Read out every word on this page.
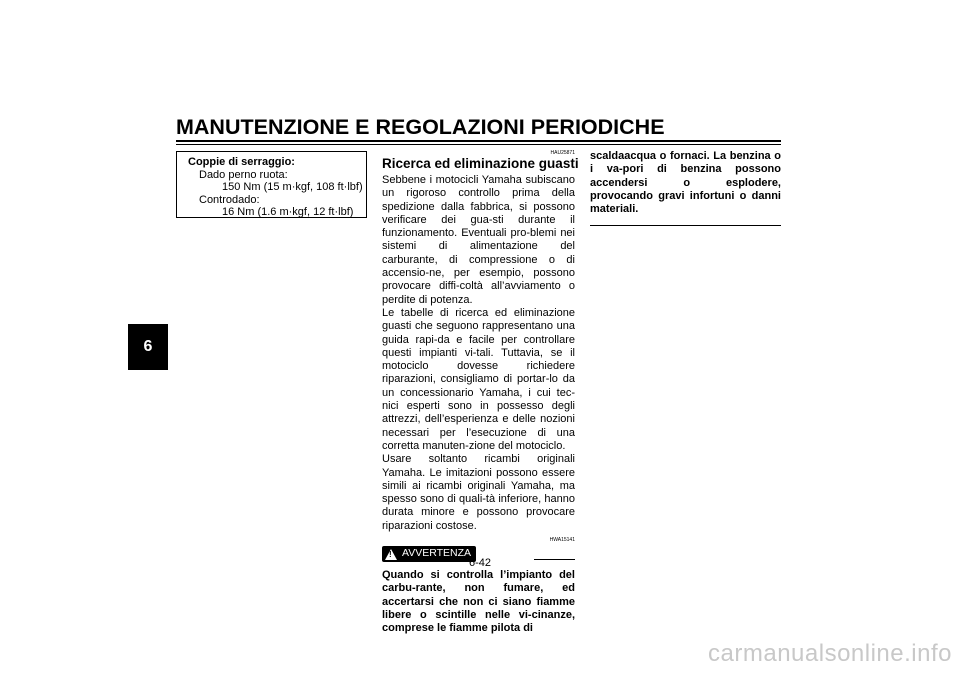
MANUTENZIONE E REGOLAZIONI PERIODICHE
6
Coppie di serraggio:
Dado perno ruota:
150 Nm (15 m·kgf, 108 ft·lbf)
Controdado:
16 Nm (1.6 m·kgf, 12 ft·lbf)
HAU25871
Ricerca ed eliminazione guasti

Sebbene i motocicli Yamaha subiscano un rigoroso controllo prima della spedizione dalla fabbrica, si possono verificare dei gua-sti durante il funzionamento. Eventuali pro-blemi nei sistemi di alimentazione del carburante, di compressione o di accensio-ne, per esempio, possono provocare diffi-coltà all’avviamento o perdite di potenza.

Le tabelle di ricerca ed eliminazione guasti che seguono rappresentano una guida rapi-da e facile per controllare questi impianti vi-tali. Tuttavia, se il motociclo dovesse richiedere riparazioni, consigliamo di portar-lo da un concessionario Yamaha, i cui tec-nici esperti sono in possesso degli attrezzi, dell’esperienza e delle nozioni necessari per l’esecuzione di una corretta manuten-zione del motociclo.

Usare soltanto ricambi originali Yamaha. Le imitazioni possono essere simili ai ricambi originali Yamaha, ma spesso sono di quali-tà inferiore, hanno durata minore e possono provocare riparazioni costose.

HWA15141
!
AVVERTENZA

Quando si controlla l’impianto del carbu-rante, non fumare, ed accertarsi che non ci siano fiamme libere o scintille nelle vi-cinanze, comprese le fiamme pilota di

scaldaacqua o fornaci. La benzina o i va-pori di benzina possono accendersi o esplodere, provocando gravi infortuni o danni materiali.

6-42
carmanualsonline.info
